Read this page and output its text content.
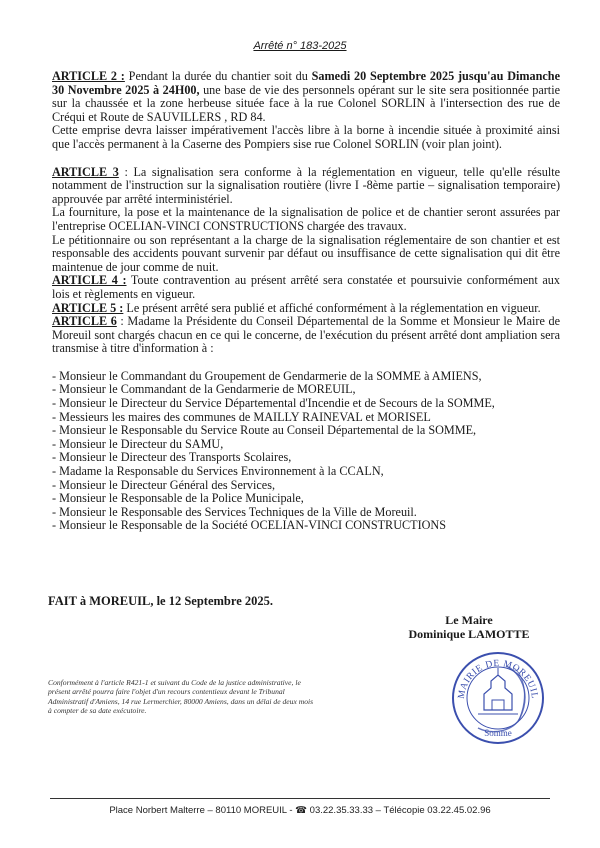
Arrêté n° 183-2025

ARTICLE 2 : Pendant la durée du chantier soit du Samedi 20 Septembre 2025 jusqu'au Dimanche 30 Novembre 2025 à 24H00, une base de vie des personnels opérant sur le site sera positionnée partie sur la chaussée et la zone herbeuse située face à la rue Colonel SORLIN à l'intersection des rue de Créqui et Route de SAUVILLERS , RD 84.

Cette emprise devra laisser impérativement l'accès libre à la borne à incendie située à proximité ainsi que l'accès permanent à la Caserne des Pompiers sise rue Colonel SORLIN (voir plan joint).

ARTICLE 3 : La signalisation sera conforme à la réglementation en vigueur, telle qu'elle résulte notamment de l'instruction sur la signalisation routière (livre I -8ème partie – signalisation temporaire) approuvée par arrêté interministériel.

La fourniture, la pose et la maintenance de la signalisation de police et de chantier seront assurées par l'entreprise OCELIAN-VINCI CONSTRUCTIONS chargée des travaux.

Le pétitionnaire ou son représentant a la charge de la signalisation réglementaire de son chantier et est responsable des accidents pouvant survenir par défaut ou insuffisance de cette signalisation qui dit être maintenue de jour comme de nuit.

ARTICLE 4 : Toute contravention au présent arrêté sera constatée et poursuivie conformément aux lois et règlements en vigueur.

ARTICLE 5 : Le présent arrêté sera publié et affiché conformément à la réglementation en vigueur.

ARTICLE 6 : Madame la Présidente du Conseil Départemental de la Somme et Monsieur le Maire de Moreuil sont chargés chacun en ce qui le concerne, de l'exécution du présent arrêté dont ampliation sera transmise à titre d'information à :

- Monsieur le Commandant du Groupement de Gendarmerie de la SOMME à AMIENS,
- Monsieur le Commandant de la Gendarmerie de MOREUIL,
- Monsieur le Directeur du Service Départemental d'Incendie et de Secours de la SOMME,
- Messieurs les maires des communes de MAILLY RAINEVAL et MORISEL
- Monsieur le Responsable du Service Route au Conseil Départemental de la SOMME,
- Monsieur le Directeur du SAMU,
- Monsieur le Directeur des Transports Scolaires,
- Madame la Responsable du Services Environnement à la CCALN,
- Monsieur le Directeur Général des Services,
- Monsieur le Responsable de la Police Municipale,
- Monsieur le Responsable des Services Techniques de la Ville de Moreuil.
- Monsieur le Responsable de la Société OCELIAN-VINCI CONSTRUCTIONS
FAIT à MOREUIL, le 12 Septembre 2025.
Le Maire
Dominique LAMOTTE
Conformément à l'article R421-1 et suivant du Code de la justice administrative, le présent arrêté pourra faire l'objet d'un recours contentieux devant le Tribunal Administratif d'Amiens, 14 rue Lermerchier, 80000 Amiens, dans un délai de deux mois à compter de sa date exécutoire.
MAIRIE DE MOREUIL
Somme
Place Norbert Malterre – 80110 MOREUIL - ☎ 03.22.35.33.33 – Télécopie 03.22.45.02.96
